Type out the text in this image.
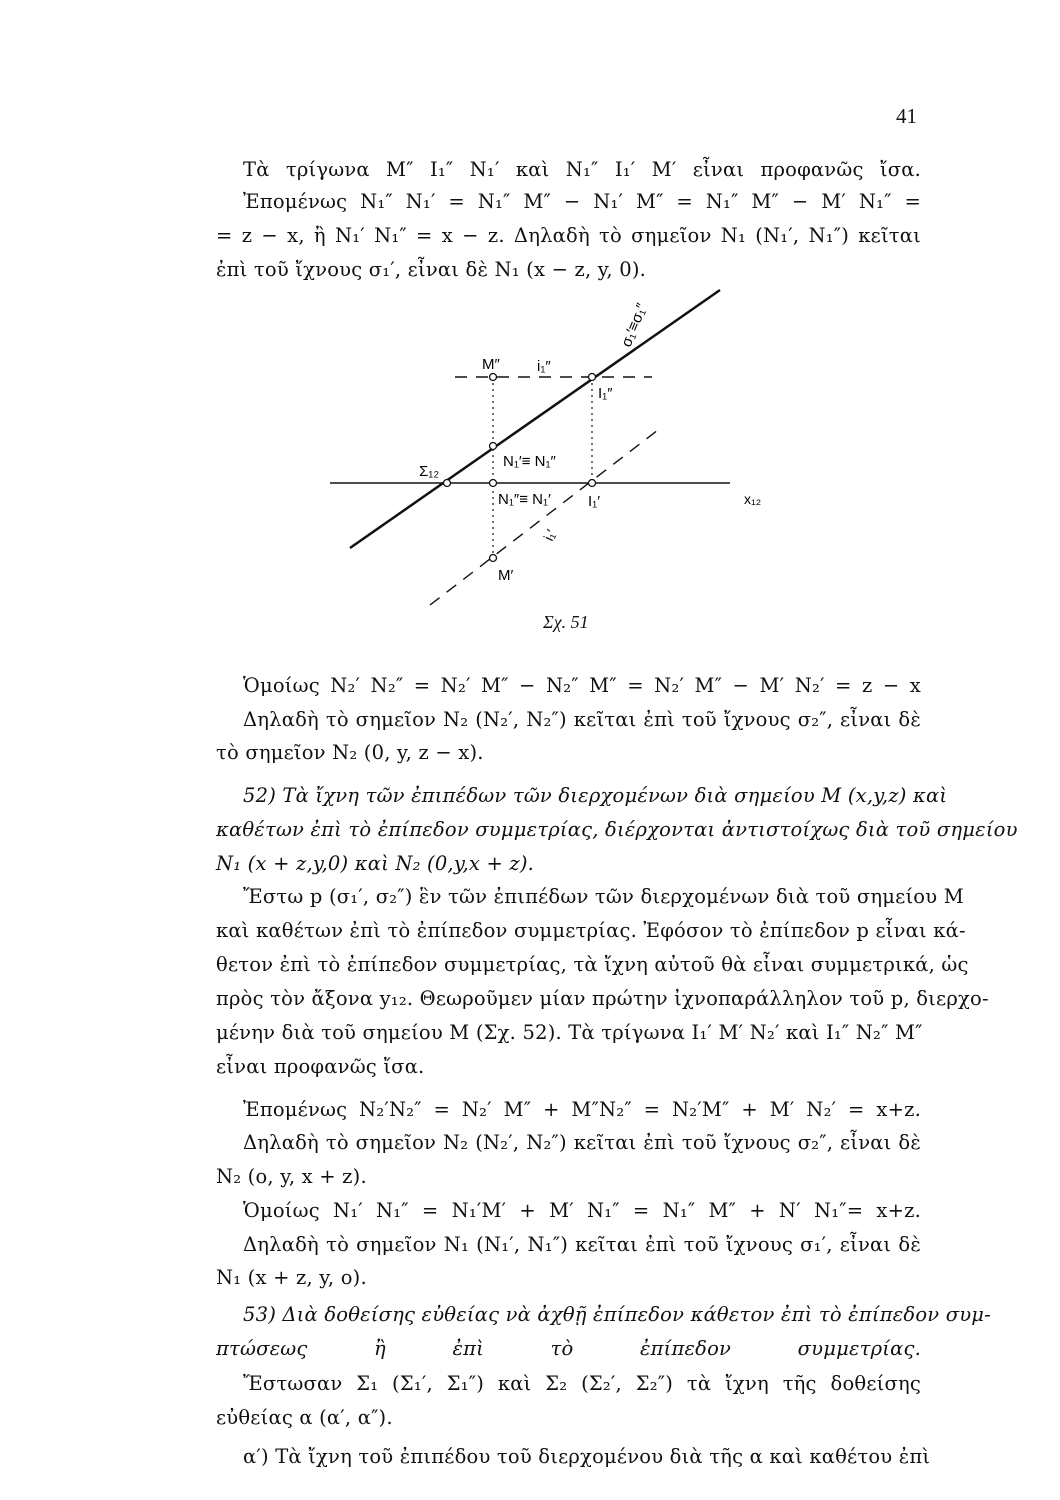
41
Τὰ τρίγωνα M″ I₁″ N₁′ καὶ N₁″ I₁′ M′ εἶναι προφανῶς ἴσα.
Ἐπομένως N₁″ N₁′ = N₁″ M″ − N₁′ M″ = N₁″ M″ − M′ N₁″ =
= z − x, ἢ N₁′ N₁″ = x − z. Δηλαδὴ τὸ σημεῖον N₁ (N₁′, N₁″) κεῖται
ἐπὶ τοῦ ἴχνους σ₁′, εἶναι δὲ N₁ (x − z, y, 0).
σ₁′≡σ₁″
M″ i₁″
I₁″
N₁′≡ N₁″
Σ₁₂
N₁″≡ N₁′ I₁′	x₁₂
i₁′
M′
Σχ. 51
Ὁμοίως N₂′ N₂″ = N₂′ M″ − N₂″ M″ = N₂′ M″ − M′ N₂′ = z − x
Δηλαδὴ τὸ σημεῖον N₂ (N₂′, N₂″) κεῖται ἐπὶ τοῦ ἴχνους σ₂″, εἶναι δὲ
τὸ σημεῖον N₂ (0, y, z − x).
52) Τὰ ἴχνη τῶν ἐπιπέδων τῶν διερχομένων διὰ σημείου M (x,y,z) καὶ
καθέτων ἐπὶ τὸ ἐπίπεδον συμμετρίας, διέρχονται ἀντιστοίχως διὰ τοῦ σημείου
N₁ (x + z,y,0) καὶ N₂ (0,y,x + z).
Ἔστω p (σ₁′, σ₂″) ἓν τῶν ἐπιπέδων τῶν διερχομένων διὰ τοῦ σημείου M
καὶ καθέτων ἐπὶ τὸ ἐπίπεδον συμμετρίας. Ἐφόσον τὸ ἐπίπεδον p εἶναι κά-
θετον ἐπὶ τὸ ἐπίπεδον συμμετρίας, τὰ ἴχνη αὐτοῦ θὰ εἶναι συμμετρικά, ὡς
πρὸς τὸν ἄξονα y₁₂. Θεωροῦμεν μίαν πρώτην ἰχνοπαράλληλον τοῦ p, διερχο-
μένην διὰ τοῦ σημείου M (Σχ. 52). Τὰ τρίγωνα I₁′ M′ N₂′ καὶ I₁″ N₂″ M″
εἶναι προφανῶς ἴσα.
Ἐπομένως N₂′N₂″ = N₂′ M″ + M″N₂″ = N₂′M″ + M′ N₂′ = x+z.
Δηλαδὴ τὸ σημεῖον N₂ (N₂′, N₂″) κεῖται ἐπὶ τοῦ ἴχνους σ₂″, εἶναι δὲ
N₂ (o, y, x + z).
Ὁμοίως N₁′ N₁″ = N₁′M′ + M′ N₁″ = N₁″ M″ + N′ N₁″= x+z.
Δηλαδὴ τὸ σημεῖον N₁ (N₁′, N₁″) κεῖται ἐπὶ τοῦ ἴχνους σ₁′, εἶναι δὲ
N₁ (x + z, y, o).
53) Διὰ δοθείσης εὐθείας νὰ ἀχθῇ ἐπίπεδον κάθετον ἐπὶ τὸ ἐπίπεδον συμ-
πτώσεως ἢ ἐπὶ τὸ ἐπίπεδον συμμετρίας.
Ἔστωσαν Σ₁ (Σ₁′, Σ₁″) καὶ Σ₂ (Σ₂′, Σ₂″) τὰ ἴχνη τῆς δοθείσης
εὐθείας α (α′, α″).
α′) Τὰ ἴχνη τοῦ ἐπιπέδου τοῦ διερχομένου διὰ τῆς α καὶ καθέτου ἐπὶ
